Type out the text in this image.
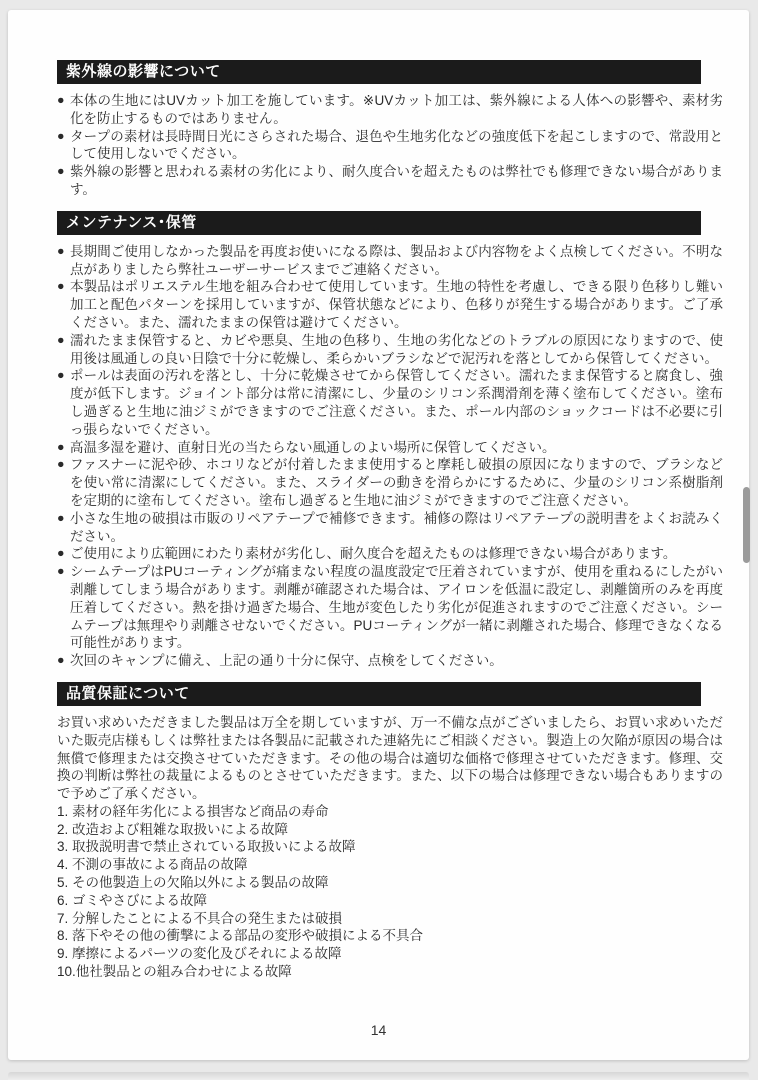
紫外線の影響について
● 本体の生地にはUVカット加工を施しています。※UVカット加工は、紫外線による人体への影響や、素材劣化を防止するものではありません。
● タープの素材は長時間日光にさらされた場合、退色や生地劣化などの強度低下を起こしますので、常設用として使用しないでください。
● 紫外線の影響と思われる素材の劣化により、耐久度合いを超えたものは弊社でも修理できない場合があります。
メンテナンス･保管
● 長期間ご使用しなかった製品を再度お使いになる際は、製品および内容物をよく点検してください。不明な点がありましたら弊社ユーザーサービスまでご連絡ください。
● 本製品はポリエステル生地を組み合わせて使用しています。生地の特性を考慮し、できる限り色移りし難い加工と配色パターンを採用していますが、保管状態などにより、色移りが発生する場合があります。ご了承ください。また、濡れたままの保管は避けてください。
● 濡れたまま保管すると、カビや悪臭、生地の色移り、生地の劣化などのトラブルの原因になりますので、使用後は風通しの良い日陰で十分に乾燥し、柔らかいブラシなどで泥汚れを落としてから保管してください。
● ポールは表面の汚れを落とし、十分に乾燥させてから保管してください。濡れたまま保管すると腐食し、強度が低下します。ジョイント部分は常に清潔にし、少量のシリコン系潤滑剤を薄く塗布してください。塗布し過ぎると生地に油ジミができますのでご注意ください。また、ポール内部のショックコードは不必要に引っ張らないでください。
● 高温多湿を避け、直射日光の当たらない風通しのよい場所に保管してください。
● ファスナーに泥や砂、ホコリなどが付着したまま使用すると摩耗し破損の原因になりますので、ブラシなどを使い常に清潔にしてください。また、スライダーの動きを滑らかにするために、少量のシリコン系樹脂剤を定期的に塗布してください。塗布し過ぎると生地に油ジミができますのでご注意ください。
● 小さな生地の破損は市販のリペアテープで補修できます。補修の際はリペアテープの説明書をよくお読みください。
● ご使用により広範囲にわたり素材が劣化し、耐久度合を超えたものは修理できない場合があります。
● シームテープはPUコーティングが痛まない程度の温度設定で圧着されていますが、使用を重ねるにしたがい剥離してしまう場合があります。剥離が確認された場合は、アイロンを低温に設定し、剥離箇所のみを再度圧着してください。熱を掛け過ぎた場合、生地が変色したり劣化が促進されますのでご注意ください。シームテープは無理やり剥離させないでください。PUコーティングが一緒に剥離された場合、修理できなくなる可能性があります。
● 次回のキャンプに備え、上記の通り十分に保守、点検をしてください。
品質保証について
お買い求めいただきました製品は万全を期していますが、万一不備な点がございましたら、お買い求めいただいた販売店様もしくは弊社または各製品に記載された連絡先にご相談ください。製造上の欠陥が原因の場合は無償で修理または交換させていただきます。その他の場合は適切な価格で修理させていただきます。修理、交換の判断は弊社の裁量によるものとさせていただきます。また、以下の場合は修理できない場合もありますので予めご了承ください。
1. 素材の経年劣化による損害など商品の寿命
2. 改造および粗雑な取扱いによる故障
3. 取扱説明書で禁止されている取扱いによる故障
4. 不測の事故による商品の故障
5. その他製造上の欠陥以外による製品の故障
6. ゴミやさびによる故障
7. 分解したことによる不具合の発生または破損
8. 落下やその他の衝撃による部品の変形や破損による不具合
9. 摩擦によるパーツの変化及びそれによる故障
10.他社製品との組み合わせによる故障
14
